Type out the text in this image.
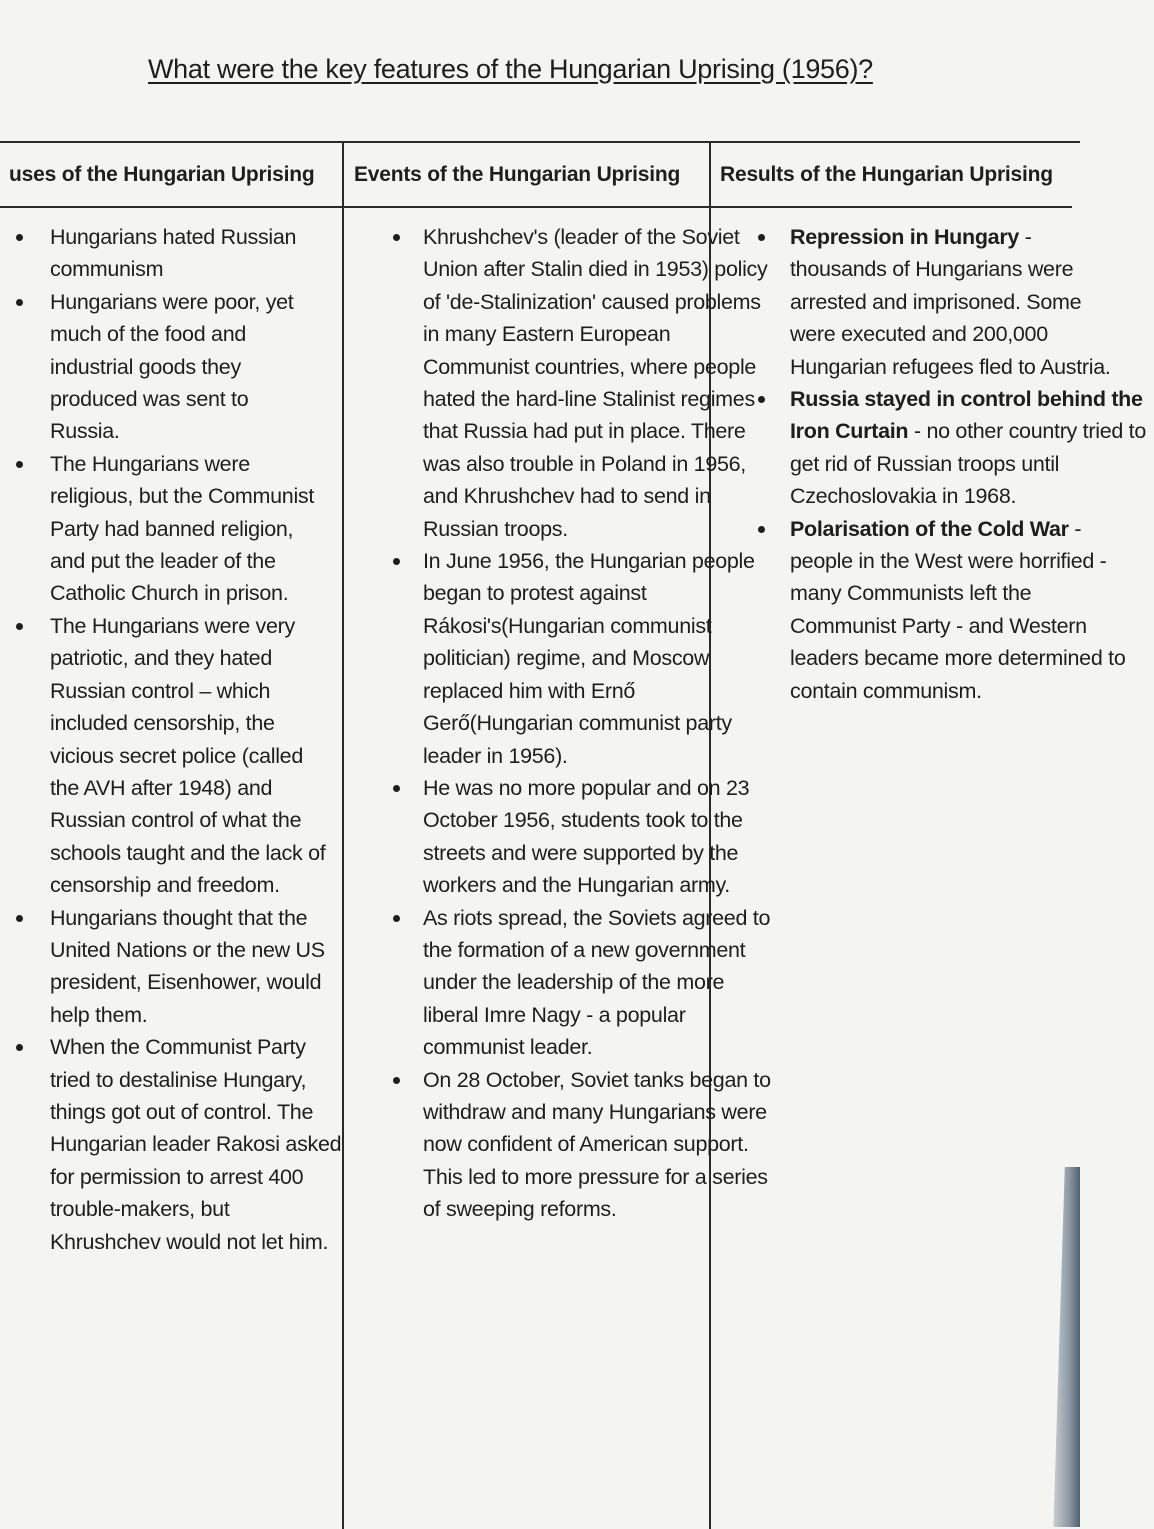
What were the key features of the Hungarian Uprising (1956)?
uses of the Hungarian Uprising	Events of the Hungarian Uprising	Results of the Hungarian Uprising
Hungarians hated Russian communism
Hungarians were poor, yet much of the food and industrial goods they produced was sent to Russia.
The Hungarians were religious, but the Communist Party had banned religion, and put the leader of the Catholic Church in prison.
The Hungarians were very patriotic, and they hated Russian control – which included censorship, the vicious secret police (called the AVH after 1948) and Russian control of what the schools taught and the lack of censorship and freedom.
Hungarians thought that the United Nations or the new US president, Eisenhower, would help them.
When the Communist Party tried to destalinise Hungary, things got out of control. The Hungarian leader Rakosi asked for permission to arrest 400 trouble-makers, but Khrushchev would not let him.
Khrushchev's (leader of the Soviet Union after Stalin died in 1953) policy of 'de-Stalinization' caused problems in many Eastern European Communist countries, where people hated the hard-line Stalinist regimes that Russia had put in place. There was also trouble in Poland in 1956, and Khrushchev had to send in Russian troops.
In June 1956, the Hungarian people began to protest against Rákosi's(Hungarian communist politician) regime, and Moscow replaced him with Ernő Gerő(Hungarian communist party leader in 1956).
He was no more popular and on 23 October 1956, students took to the streets and were supported by the workers and the Hungarian army.
As riots spread, the Soviets agreed to the formation of a new government under the leadership of the more liberal Imre Nagy - a popular communist leader.
On 28 October, Soviet tanks began to withdraw and many Hungarians were now confident of American support. This led to more pressure for a series of sweeping reforms.
Repression in Hungary - thousands of Hungarians were arrested and imprisoned. Some were executed and 200,000 Hungarian refugees fled to Austria.
Russia stayed in control behind the Iron Curtain - no other country tried to get rid of Russian troops until Czechoslovakia in 1968.
Polarisation of the Cold War - people in the West were horrified - many Communists left the Communist Party - and Western leaders became more determined to contain communism.
